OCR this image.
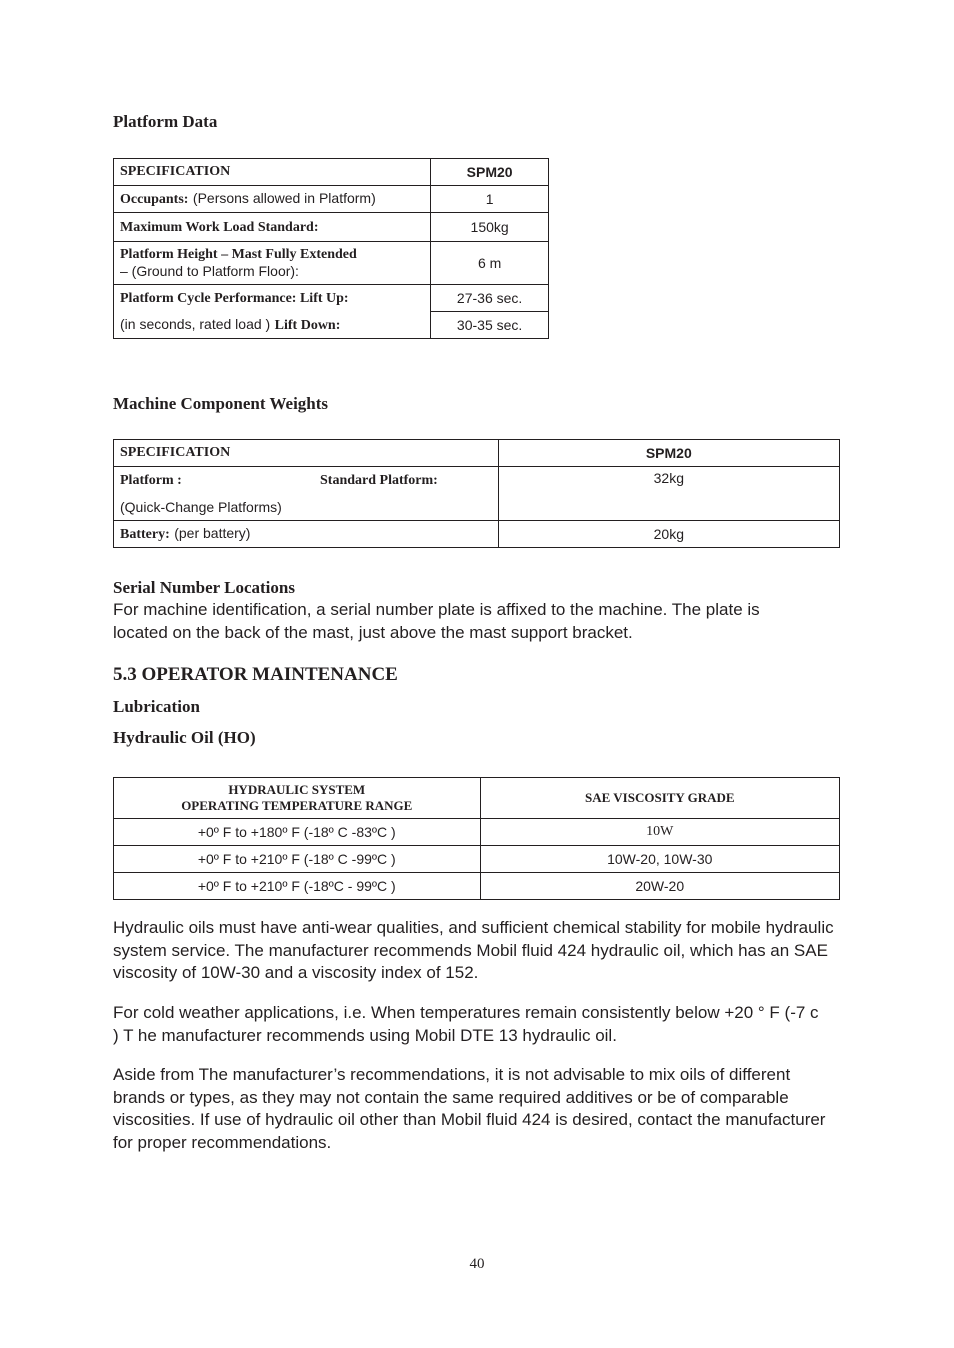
Platform Data
SPECIFICATION	SPM20
Occupants: (Persons allowed in Platform)	1
Maximum Work Load Standard:	150kg

Platform Height – Mast Fully Extended
– (Ground to Platform Floor):	6 m
Platform Cycle Performance: Lift Up:	27-36 sec.
(in seconds, rated load ) Lift Down:	30-35 sec.
Machine Component Weights
SPECIFICATION	SPM20
Platform : Standard Platform:	32kg
(Quick-Change Platforms)	
Battery: (per battery)	20kg
Serial Number Locations
For machine identification, a serial number plate is affixed to the machine. The plate is located on the back of the mast, just above the mast support bracket.
5.3 OPERATOR MAINTENANCE
Lubrication
Hydraulic Oil (HO)
HYDRAULIC SYSTEM
OPERATING TEMPERATURE RANGE	SAE VISCOSITY GRADE
+0º F to +180º F (-18º C -83ºC )	10W
+0º F to +210º F (-18º C -99ºC )	10W-20, 10W-30
+0º F to +210º F (-18ºC - 99ºC )	20W-20
Hydraulic oils must have anti-wear qualities, and sufficient chemical stability for mobile hydraulic system service. The manufacturer recommends Mobil fluid 424 hydraulic oil, which has an SAE viscosity of 10W-30 and a viscosity index of 152.
For cold weather applications, i.e. When temperatures remain consistently below +20 ° F (-7 c ) T he manufacturer recommends using Mobil DTE 13 hydraulic oil.
Aside from The manufacturer’s recommendations, it is not advisable to mix oils of different brands or types, as they may not contain the same required additives or be of comparable viscosities. If use of hydraulic oil other than Mobil fluid 424 is desired, contact the manufacturer for proper recommendations.
40
